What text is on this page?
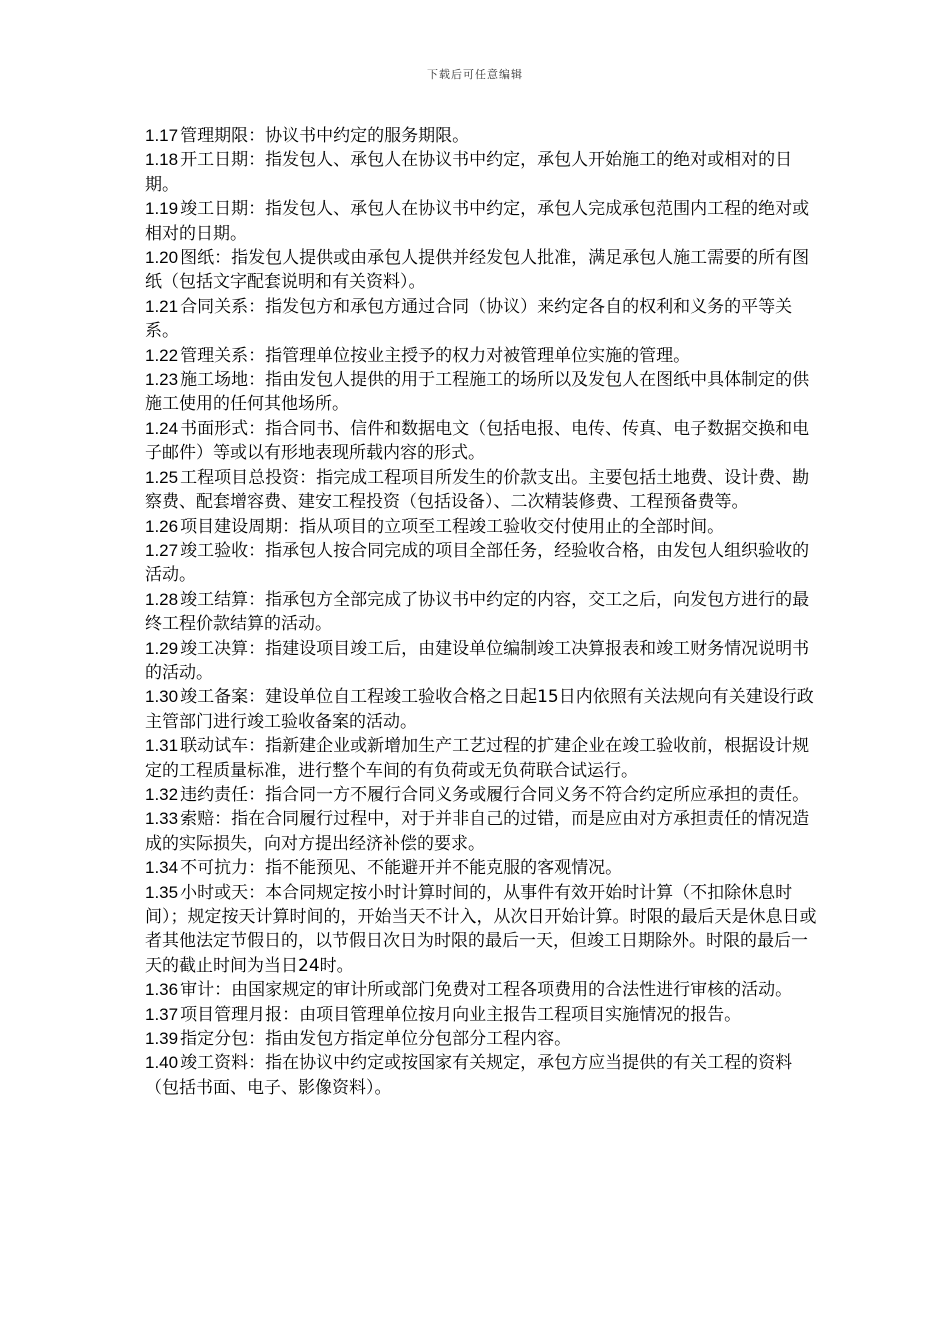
下载后可任意编辑

1.17 管理期限：协议书中约定的服务期限。

1.18 开工日期：指发包人、承包人在协议书中约定，承包人开始施工的绝对或相对的日期。

1.19 竣工日期：指发包人、承包人在协议书中约定，承包人完成承包范围内工程的绝对或相对的日期。

1.20 图纸：指发包人提供或由承包人提供并经发包人批准，满足承包人施工需要的所有图纸（包括文字配套说明和有关资料）。

1.21 合同关系：指发包方和承包方通过合同（协议）来约定各自的权利和义务的平等关系。

1.22 管理关系：指管理单位按业主授予的权力对被管理单位实施的管理。

1.23 施工场地：指由发包人提供的用于工程施工的场所以及发包人在图纸中具体制定的供施工使用的任何其他场所。

1.24 书面形式：指合同书、信件和数据电文（包括电报、电传、传真、电子数据交换和电子邮件）等或以有形地表现所载内容的形式。

1.25 工程项目总投资：指完成工程项目所发生的价款支出。主要包括土地费、设计费、勘察费、配套增容费、建安工程投资（包括设备）、二次精装修费、工程预备费等。

1.26 项目建设周期：指从项目的立项至工程竣工验收交付使用止的全部时间。

1.27 竣工验收：指承包人按合同完成的项目全部任务，经验收合格，由发包人组织验收的活动。

1.28 竣工结算：指承包方全部完成了协议书中约定的内容，交工之后，向发包方进行的最终工程价款结算的活动。

1.29 竣工决算：指建设项目竣工后，由建设单位编制竣工决算报表和竣工财务情况说明书的活动。

1.30 竣工备案：建设单位自工程竣工验收合格之日起15日内依照有关法规向有关建设行政主管部门进行竣工验收备案的活动。

1.31 联动试车：指新建企业或新增加生产工艺过程的扩建企业在竣工验收前，根据设计规定的工程质量标准，进行整个车间的有负荷或无负荷联合试运行。

1.32 违约责任：指合同一方不履行合同义务或履行合同义务不符合约定所应承担的责任。

1.33 索赔：指在合同履行过程中，对于并非自己的过错，而是应由对方承担责任的情况造成的实际损失，向对方提出经济补偿的要求。

1.34 不可抗力：指不能预见、不能避开并不能克服的客观情况。

1.35 小时或天：本合同规定按小时计算时间的，从事件有效开始时计算（不扣除休息时间）；规定按天计算时间的，开始当天不计入，从次日开始计算。时限的最后天是休息日或者其他法定节假日的，以节假日次日为时限的最后一天，但竣工日期除外。时限的最后一天的截止时间为当日24时。

1.36 审计：由国家规定的审计所或部门免费对工程各项费用的合法性进行审核的活动。

1.37 项目管理月报：由项目管理单位按月向业主报告工程项目实施情况的报告。

1.39 指定分包：指由发包方指定单位分包部分工程内容。

1.40 竣工资料：指在协议中约定或按国家有关规定，承包方应当提供的有关工程的资料（包括书面、电子、影像资料）。
